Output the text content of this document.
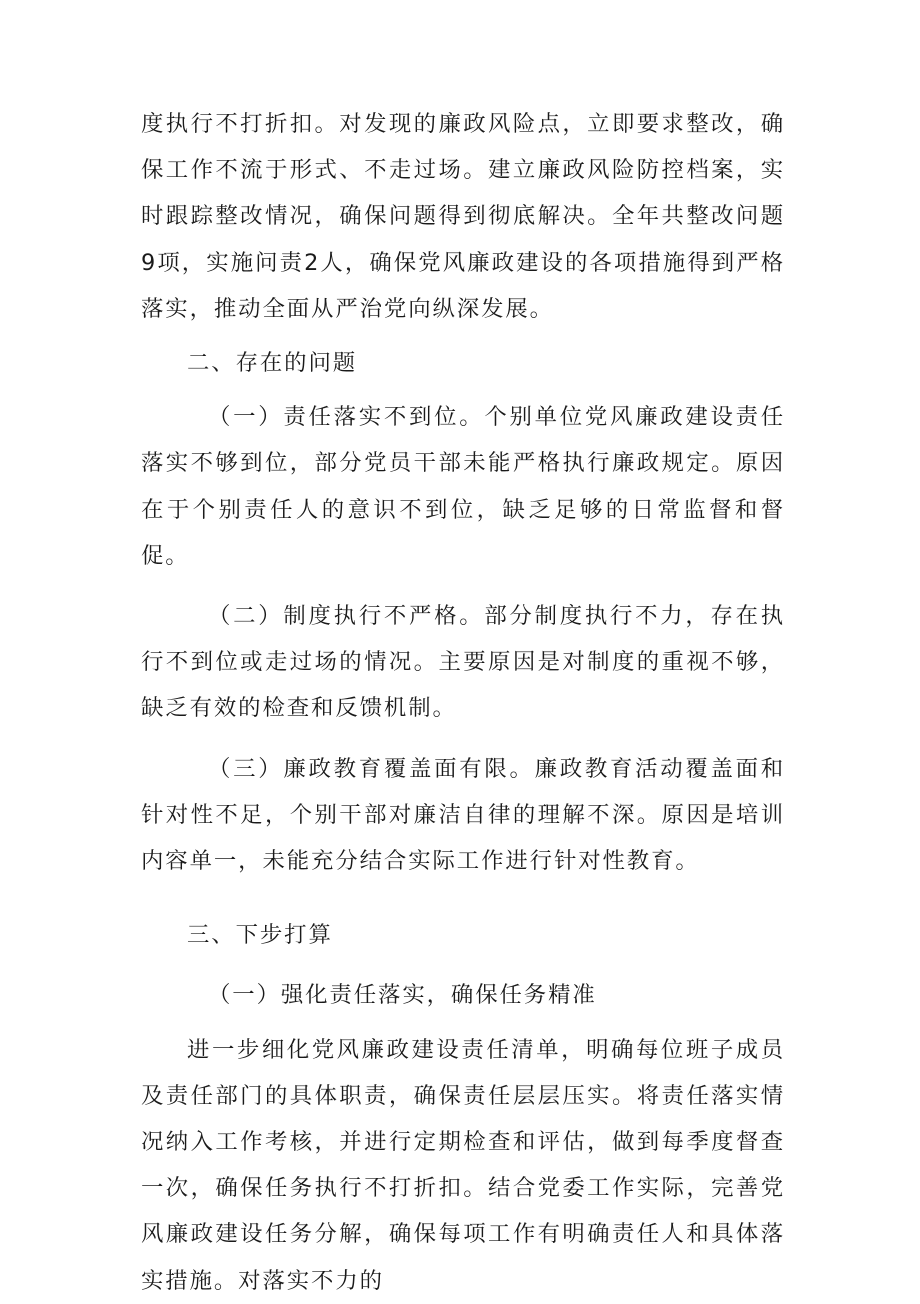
度执行不打折扣。对发现的廉政风险点，立即要求整改，确保工作不流于形式、不走过场。建立廉政风险防控档案，实时跟踪整改情况，确保问题得到彻底解决。全年共整改问题9项，实施问责2人，确保党风廉政建设的各项措施得到严格落实，推动全面从严治党向纵深发展。

二、存在的问题

（一）责任落实不到位。个别单位党风廉政建设责任落实不够到位，部分党员干部未能严格执行廉政规定。原因在于个别责任人的意识不到位，缺乏足够的日常监督和督促。

（二）制度执行不严格。部分制度执行不力，存在执行不到位或走过场的情况。主要原因是对制度的重视不够，缺乏有效的检查和反馈机制。

（三）廉政教育覆盖面有限。廉政教育活动覆盖面和针对性不足，个别干部对廉洁自律的理解不深。原因是培训内容单一，未能充分结合实际工作进行针对性教育。

三、下步打算

（一）强化责任落实，确保任务精准

进一步细化党风廉政建设责任清单，明确每位班子成员及责任部门的具体职责，确保责任层层压实。将责任落实情况纳入工作考核，并进行定期检查和评估，做到每季度督查一次，确保任务执行不打折扣。结合党委工作实际，完善党风廉政建设任务分解，确保每项工作有明确责任人和具体落实措施。对落实不力的
